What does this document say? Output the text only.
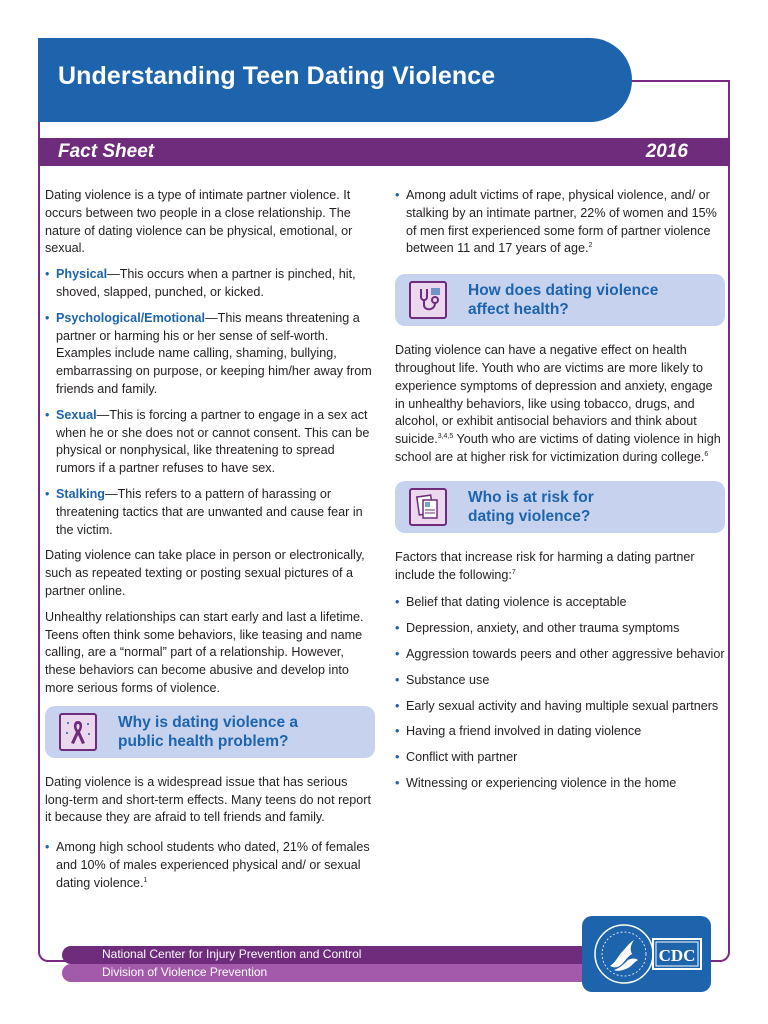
Understanding Teen Dating Violence
Fact Sheet	2016

Dating violence is a type of intimate partner violence. It occurs between two people in a close relationship. The nature of dating violence can be physical, emotional, or sexual.

• Physical—This occurs when a partner is pinched, hit, shoved, slapped, punched, or kicked.
• Psychological/Emotional—This means threatening a partner or harming his or her sense of self-worth. Examples include name calling, shaming, bullying, embarrassing on purpose, or keeping him/her away from friends and family.
• Sexual—This is forcing a partner to engage in a sex act when he or she does not or cannot consent. This can be physical or nonphysical, like threatening to spread rumors if a partner refuses to have sex.
• Stalking—This refers to a pattern of harassing or threatening tactics that are unwanted and cause fear in the victim.

Dating violence can take place in person or electronically, such as repeated texting or posting sexual pictures of a partner online.

Unhealthy relationships can start early and last a lifetime. Teens often think some behaviors, like teasing and name calling, are a “normal” part of a relationship. However, these behaviors can become abusive and develop into more serious forms of violence.

Why is dating violence a
public health problem?

Dating violence is a widespread issue that has serious long-term and short-term effects. Many teens do not report it because they are afraid to tell friends and family.

• Among high school students who dated, 21% of females and 10% of males experienced physical and/ or sexual dating violence.$^1$
• Among adult victims of rape, physical violence, and/ or stalking by an intimate partner, 22% of women and 15% of men first experienced some form of partner violence between 11 and 17 years of age.$^2$
How does dating violence
affect health?

Dating violence can have a negative effect on health throughout life. Youth who are victims are more likely to experience symptoms of depression and anxiety, engage in unhealthy behaviors, like using tobacco, drugs, and alcohol, or exhibit antisocial behaviors and think about suicide.$^{3,4,5}$ Youth who are victims of dating violence in high school are at higher risk for victimization during college.$^6$

Who is at risk for
dating violence?

Factors that increase risk for harming a dating partner include the following:$^7$

• Belief that dating violence is acceptable
• Depression, anxiety, and other trauma symptoms
• Aggression towards peers and other aggressive behavior
• Substance use
• Early sexual activity and having multiple sexual partners
• Having a friend involved in dating violence
• Conflict with partner
• Witnessing or experiencing violence in the home
National Center for Injury Prevention and Control
Division of Violence Prevention
CDC
